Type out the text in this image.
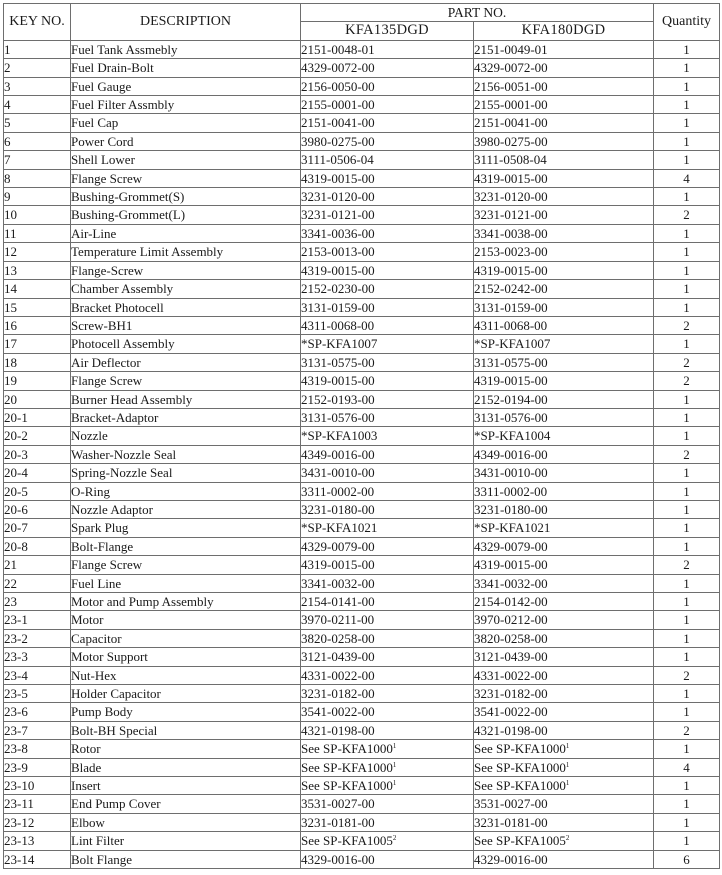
KEY NO.	DESCRIPTION	PART NO.		Quantity
		KFA135DGD	KFA180DGD	
1	Fuel Tank Assmebly	2151-0048-01	2151-0049-01	1
2	Fuel Drain-Bolt	4329-0072-00	4329-0072-00	1
3	Fuel Gauge	2156-0050-00	2156-0051-00	1
4	Fuel Filter Assmbly	2155-0001-00	2155-0001-00	1
5	Fuel Cap	2151-0041-00	2151-0041-00	1
6	Power Cord	3980-0275-00	3980-0275-00	1
7	Shell Lower	3111-0506-04	3111-0508-04	1
8	Flange Screw	4319-0015-00	4319-0015-00	4
9	Bushing-Grommet(S)	3231-0120-00	3231-0120-00	1
10	Bushing-Grommet(L)	3231-0121-00	3231-0121-00	2
11	Air-Line	3341-0036-00	3341-0038-00	1
12	Temperature Limit Assembly	2153-0013-00	2153-0023-00	1
13	Flange-Screw	4319-0015-00	4319-0015-00	1
14	Chamber Assembly	2152-0230-00	2152-0242-00	1
15	Bracket Photocell	3131-0159-00	3131-0159-00	1
16	Screw-BH1	4311-0068-00	4311-0068-00	2
17	Photocell Assembly	*SP-KFA1007	*SP-KFA1007	1
18	Air Deflector	3131-0575-00	3131-0575-00	2
19	Flange Screw	4319-0015-00	4319-0015-00	2
20	Burner Head Assembly	2152-0193-00	2152-0194-00	1
20-1	Bracket-Adaptor	3131-0576-00	3131-0576-00	1
20-2	Nozzle	*SP-KFA1003	*SP-KFA1004	1
20-3	Washer-Nozzle Seal	4349-0016-00	4349-0016-00	2
20-4	Spring-Nozzle Seal	3431-0010-00	3431-0010-00	1
20-5	O-Ring	3311-0002-00	3311-0002-00	1
20-6	Nozzle Adaptor	3231-0180-00	3231-0180-00	1
20-7	Spark Plug	*SP-KFA1021	*SP-KFA1021	1
20-8	Bolt-Flange	4329-0079-00	4329-0079-00	1
21	Flange Screw	4319-0015-00	4319-0015-00	2
22	Fuel Line	3341-0032-00	3341-0032-00	1
23	Motor and Pump Assembly	2154-0141-00	2154-0142-00	1
23-1	Motor	3970-0211-00	3970-0212-00	1
23-2	Capacitor	3820-0258-00	3820-0258-00	1
23-3	Motor Support	3121-0439-00	3121-0439-00	1
23-4	Nut-Hex	4331-0022-00	4331-0022-00	2
23-5	Holder Capacitor	3231-0182-00	3231-0182-00	1
23-6	Pump Body	3541-0022-00	3541-0022-00	1
23-7	Bolt-BH Special	4321-0198-00	4321-0198-00	2
23-8	Rotor	See SP-KFA1000$^1$	See SP-KFA1000$^1$	1
23-9	Blade	See SP-KFA1000$^1$	See SP-KFA1000$^1$	4
23-10	Insert	See SP-KFA1000$^1$	See SP-KFA1000$^1$	1
23-11	End Pump Cover	3531-0027-00	3531-0027-00	1
23-12	Elbow	3231-0181-00	3231-0181-00	1
23-13	Lint Filter	See SP-KFA1005$^2$	See SP-KFA1005$^2$	1
23-14	Bolt Flange	4329-0016-00	4329-0016-00	6
